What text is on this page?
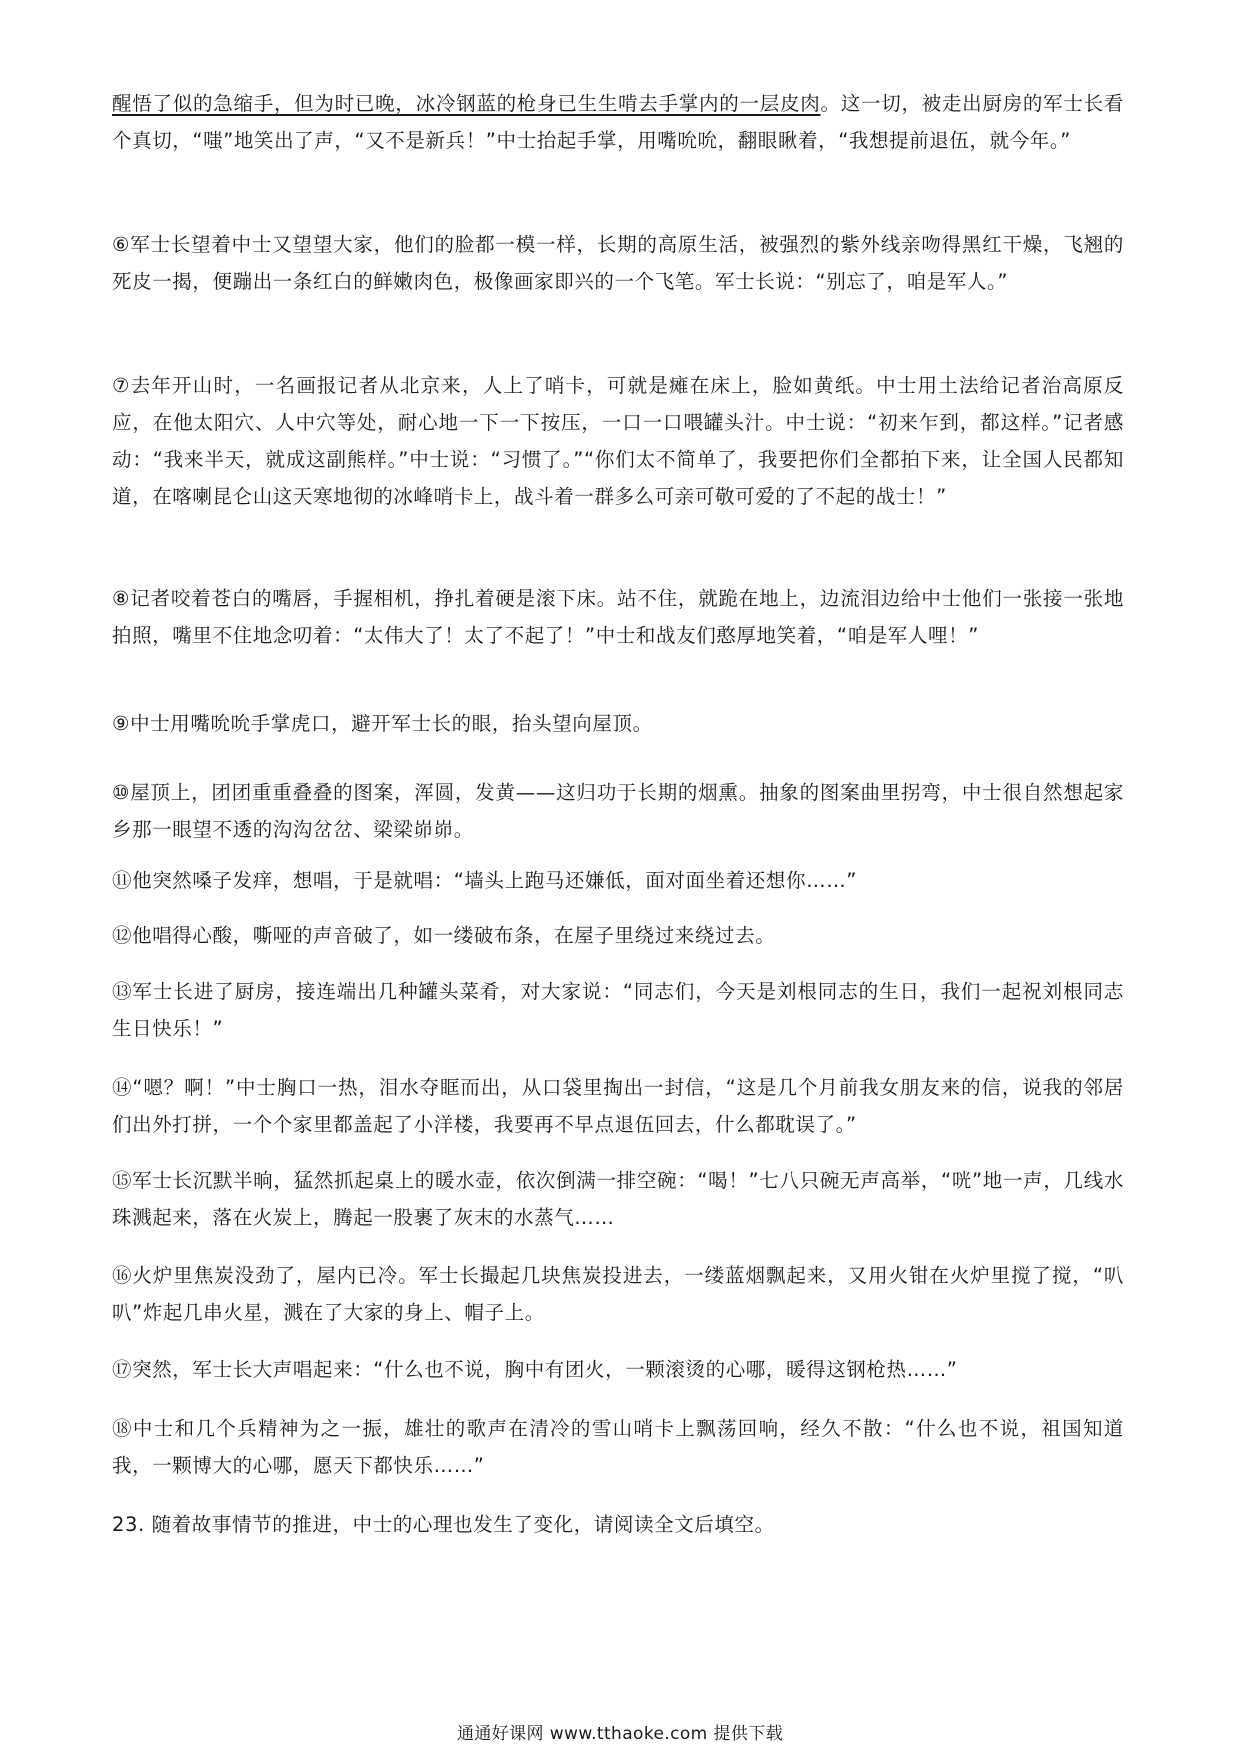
醒悟了似的急缩手，但为时已晚，冰冷钢蓝的枪身已生生啃去手掌内的一层皮肉。这一切，被走出厨房的军士长看个真切，“嗤”地笑出了声，“又不是新兵！”中士抬起手掌，用嘴吮吮，翻眼瞅着，“我想提前退伍，就今年。”

⑥军士长望着中士又望望大家，他们的脸都一模一样，长期的高原生活，被强烈的紫外线亲吻得黑红干燥，飞翘的死皮一揭，便蹦出一条红白的鲜嫩肉色，极像画家即兴的一个飞笔。军士长说：“别忘了，咱是军人。”

⑦去年开山时，一名画报记者从北京来，人上了哨卡，可就是瘫在床上，脸如黄纸。中士用土法给记者治高原反应，在他太阳穴、人中穴等处，耐心地一下一下按压，一口一口喂罐头汁。中士说：“初来乍到，都这样。”记者感动：“我来半天，就成这副熊样。”中士说：“习惯了。”“你们太不简单了，我要把你们全都拍下来，让全国人民都知道，在喀喇昆仑山这天寒地彻的冰峰哨卡上，战斗着一群多么可亲可敬可爱的了不起的战士！”

⑧记者咬着苍白的嘴唇，手握相机，挣扎着硬是滚下床。站不住，就跪在地上，边流泪边给中士他们一张接一张地拍照，嘴里不住地念叨着：“太伟大了！太了不起了！”中士和战友们憨厚地笑着，“咱是军人哩！”

⑨中士用嘴吮吮手掌虎口，避开军士长的眼，抬头望向屋顶。

⑩屋顶上，团团重重叠叠的图案，浑圆，发黄——这归功于长期的烟熏。抽象的图案曲里拐弯，中士很自然想起家乡那一眼望不透的沟沟岔岔、梁梁峁峁。

⑪他突然嗓子发痒，想唱，于是就唱：“墙头上跑马还嫌低，面对面坐着还想你……”

⑫他唱得心酸，嘶哑的声音破了，如一缕破布条，在屋子里绕过来绕过去。

⑬军士长进了厨房，接连端出几种罐头菜肴，对大家说：“同志们，今天是刘根同志的生日，我们一起祝刘根同志生日快乐！”

⑭“嗯？啊！”中士胸口一热，泪水夺眶而出，从口袋里掏出一封信，“这是几个月前我女朋友来的信，说我的邻居们出外打拼，一个个家里都盖起了小洋楼，我要再不早点退伍回去，什么都耽误了。”

⑮军士长沉默半晌，猛然抓起桌上的暖水壶，依次倒满一排空碗：“喝！”七八只碗无声高举，“咣”地一声，几线水珠溅起来，落在火炭上，腾起一股裹了灰末的水蒸气……

⑯火炉里焦炭没劲了，屋内已冷。军士长撮起几块焦炭投进去，一缕蓝烟飘起来，又用火钳在火炉里搅了搅，“叭叭”炸起几串火星，溅在了大家的身上、帽子上。

⑰突然，军士长大声唱起来：“什么也不说，胸中有团火，一颗滚烫的心哪，暖得这钢枪热……”

⑱中士和几个兵精神为之一振，雄壮的歌声在清冷的雪山哨卡上飘荡回响，经久不散：“什么也不说，祖国知道我，一颗博大的心哪，愿天下都快乐……”

23. 随着故事情节的推进，中士的心理也发生了变化，请阅读全文后填空。

通通好课网 www.tthaoke.com 提供下载
